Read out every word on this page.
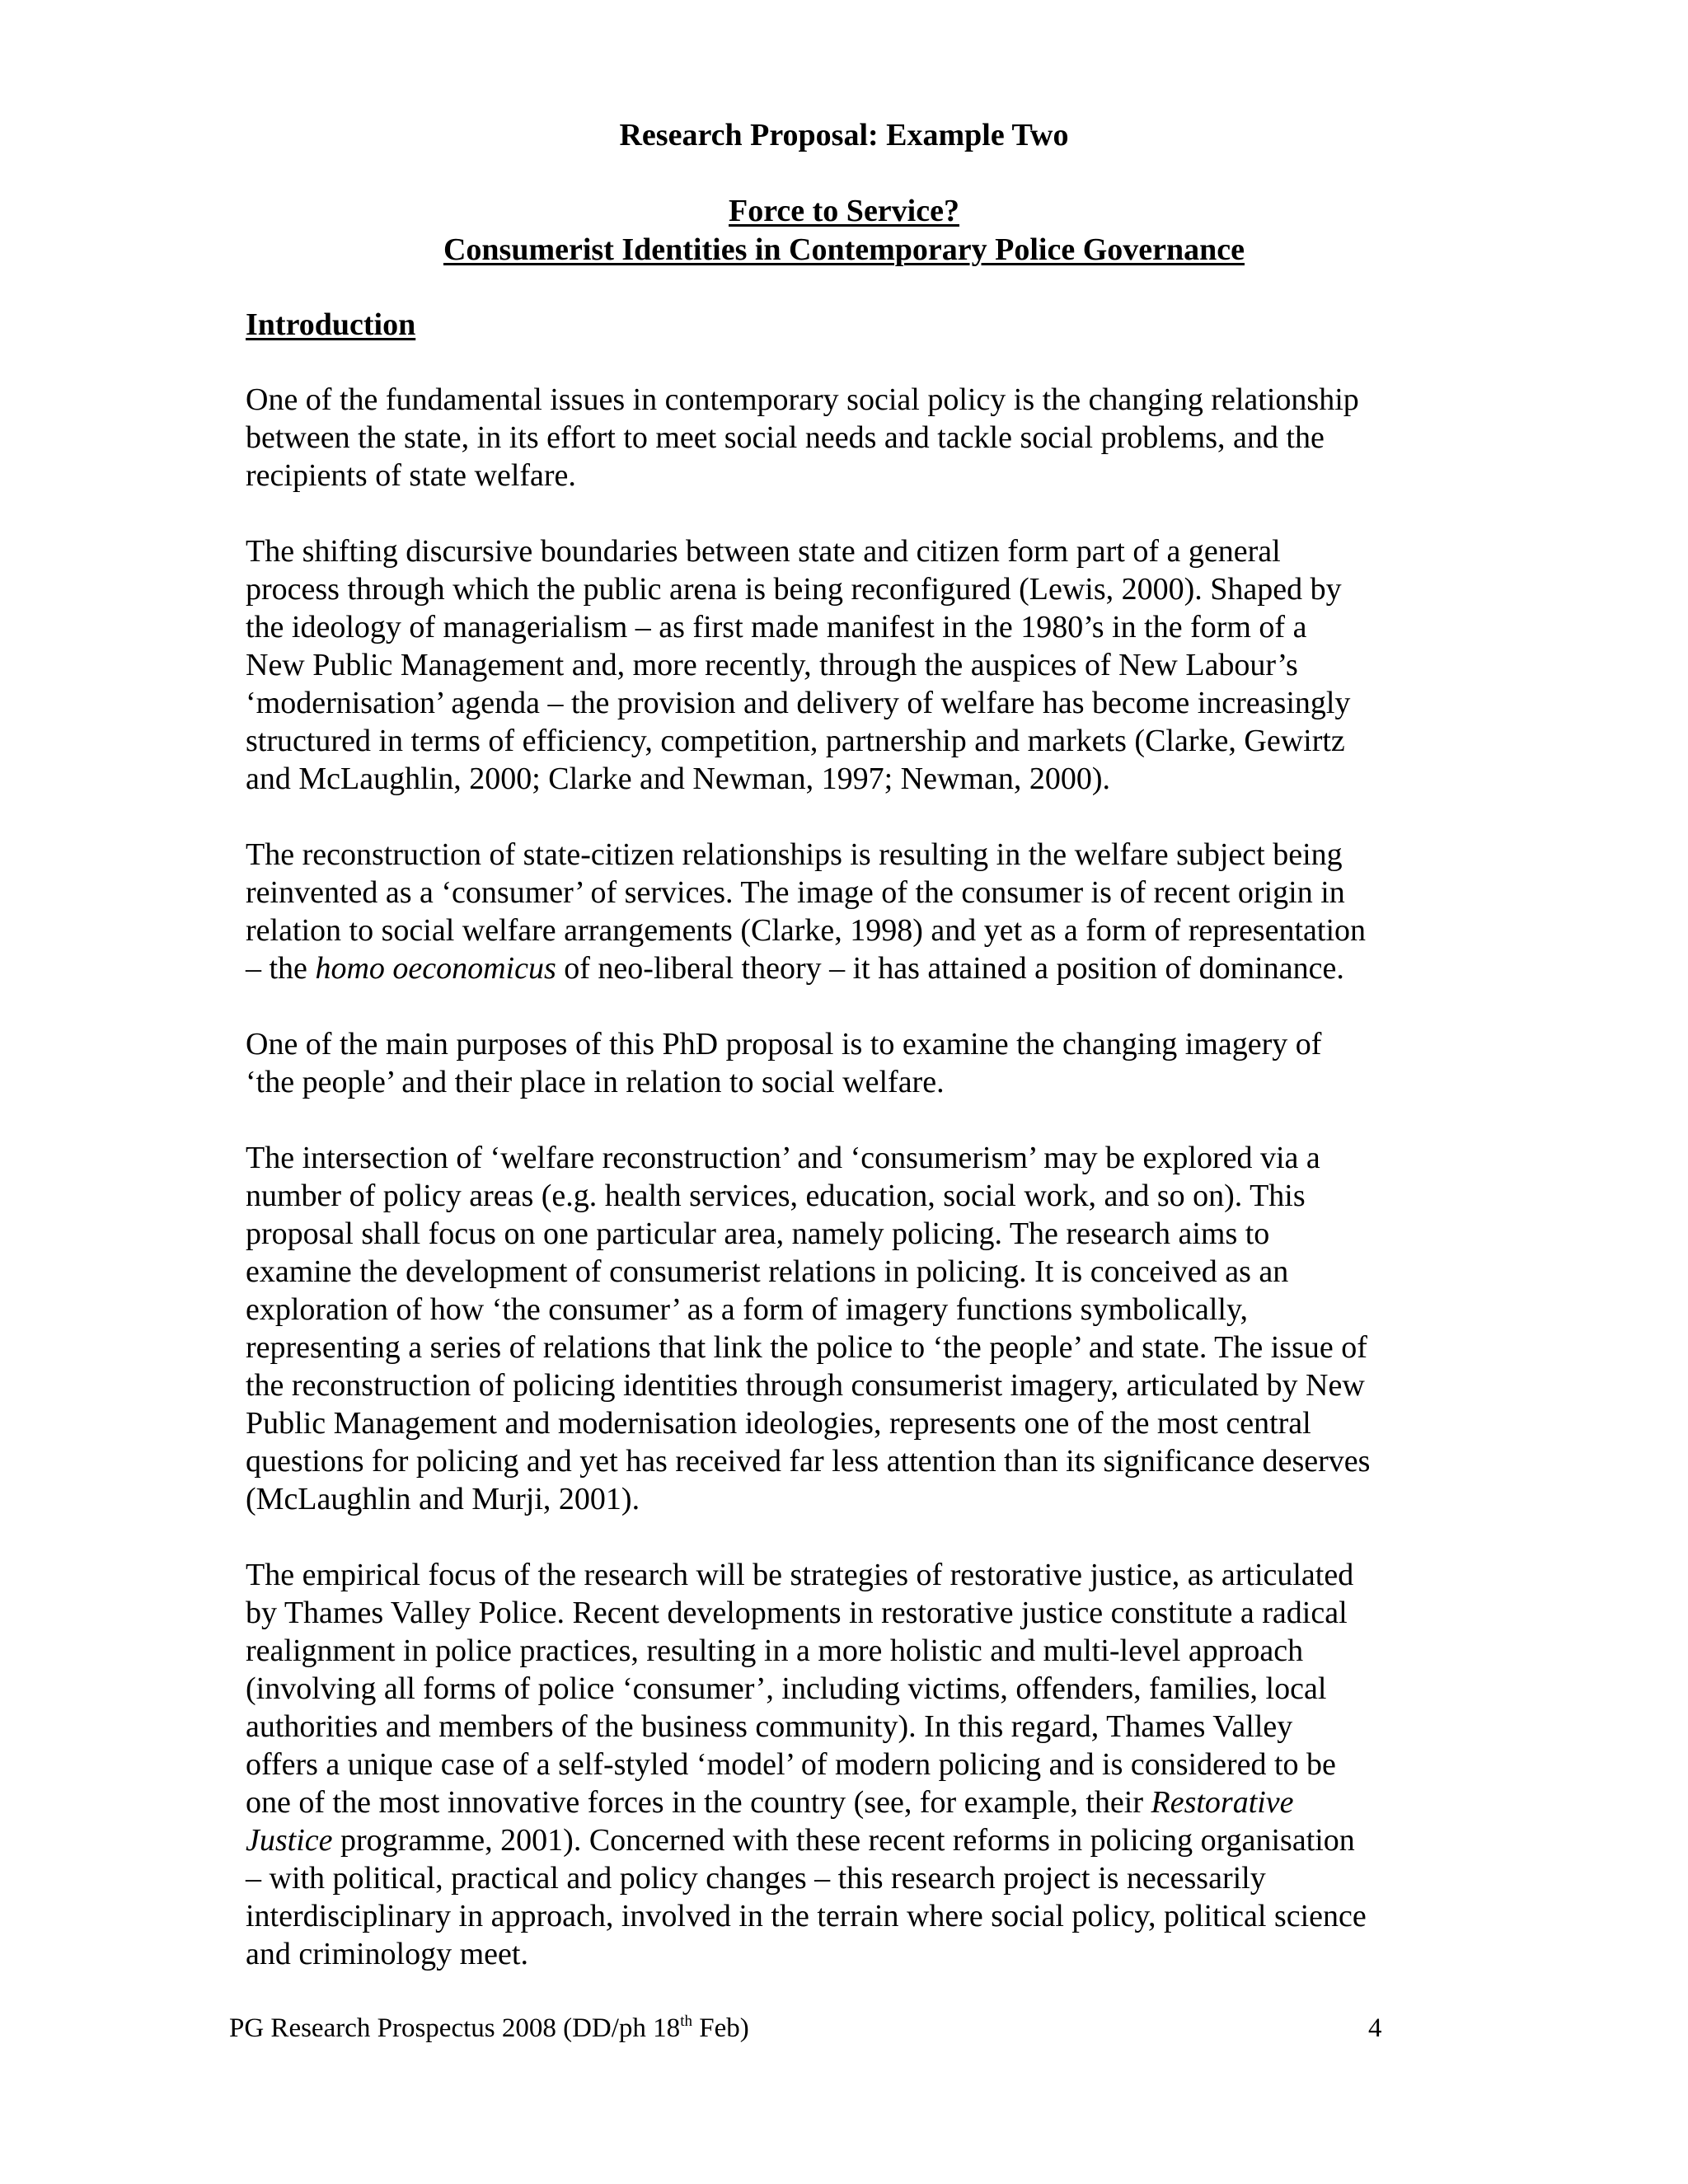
Research Proposal: Example Two
Force to Service?
Consumerist Identities in Contemporary Police Governance
Introduction

One of the fundamental issues in contemporary social policy is the changing relationship
between the state, in its effort to meet social needs and tackle social problems, and the
recipients of state welfare.

The shifting discursive boundaries between state and citizen form part of a general
process through which the public arena is being reconfigured (Lewis, 2000). Shaped by
the ideology of managerialism – as first made manifest in the 1980’s in the form of a
New Public Management and, more recently, through the auspices of New Labour’s
‘modernisation’ agenda – the provision and delivery of welfare has become increasingly
structured in terms of efficiency, competition, partnership and markets (Clarke, Gewirtz
and McLaughlin, 2000; Clarke and Newman, 1997; Newman, 2000).

The reconstruction of state-citizen relationships is resulting in the welfare subject being
reinvented as a ‘consumer’ of services. The image of the consumer is of recent origin in
relation to social welfare arrangements (Clarke, 1998) and yet as a form of representation
– the homo oeconomicus of neo-liberal theory – it has attained a position of dominance.

One of the main purposes of this PhD proposal is to examine the changing imagery of
‘the people’ and their place in relation to social welfare.

The intersection of ‘welfare reconstruction’ and ‘consumerism’ may be explored via a
number of policy areas (e.g. health services, education, social work, and so on). This
proposal shall focus on one particular area, namely policing. The research aims to
examine the development of consumerist relations in policing. It is conceived as an
exploration of how ‘the consumer’ as a form of imagery functions symbolically,
representing a series of relations that link the police to ‘the people’ and state. The issue of
the reconstruction of policing identities through consumerist imagery, articulated by New
Public Management and modernisation ideologies, represents one of the most central
questions for policing and yet has received far less attention than its significance deserves
(McLaughlin and Murji, 2001).

The empirical focus of the research will be strategies of restorative justice, as articulated
by Thames Valley Police. Recent developments in restorative justice constitute a radical
realignment in police practices, resulting in a more holistic and multi-level approach
(involving all forms of police ‘consumer’, including victims, offenders, families, local
authorities and members of the business community). In this regard, Thames Valley
offers a unique case of a self-styled ‘model’ of modern policing and is considered to be
one of the most innovative forces in the country (see, for example, their Restorative
Justice programme, 2001). Concerned with these recent reforms in policing organisation
– with political, practical and policy changes – this research project is necessarily
interdisciplinary in approach, involved in the terrain where social policy, political science
and criminology meet.

PG Research Prospectus 2008 (DD/ph 18th Feb)	4
